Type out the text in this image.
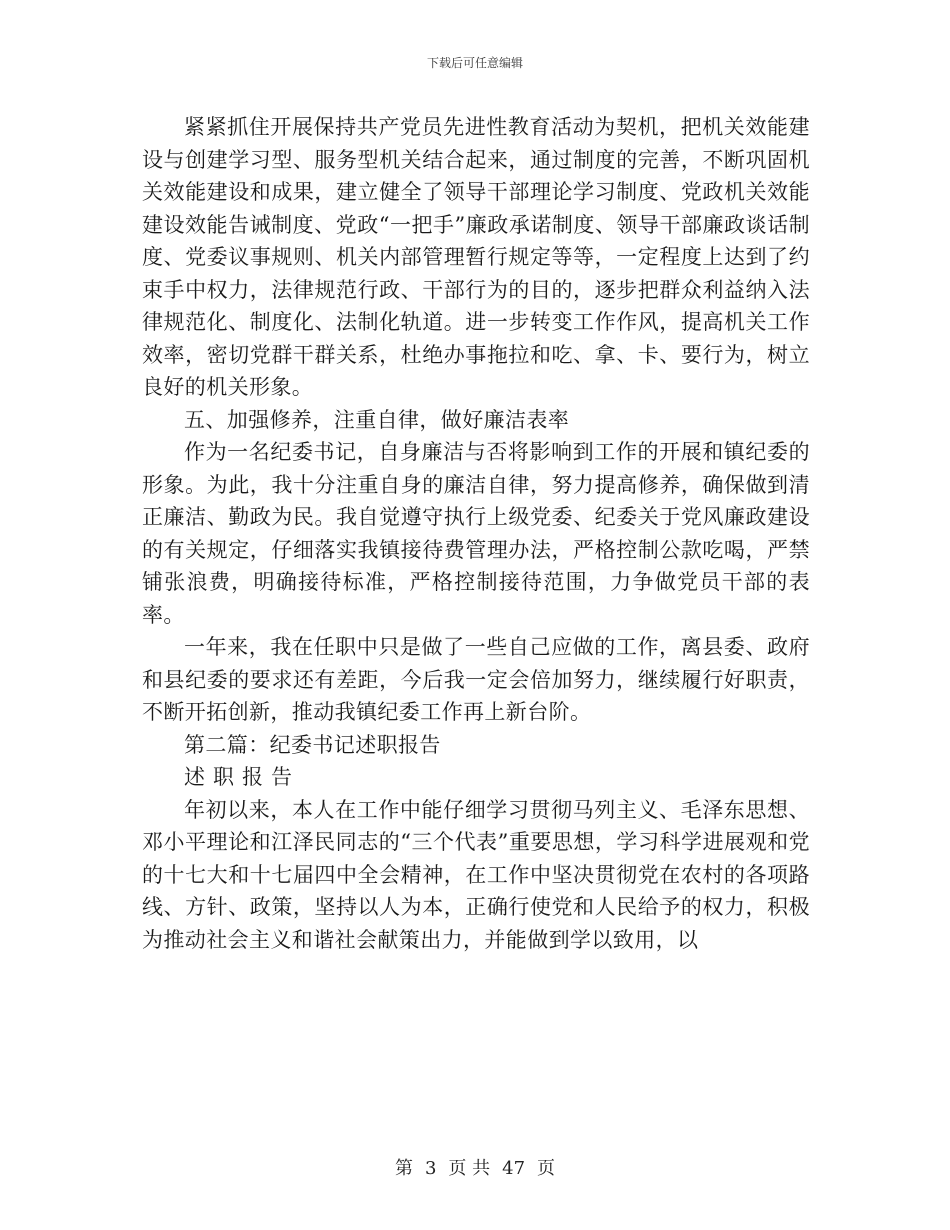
下载后可任意编辑

紧紧抓住开展保持共产党员先进性教育活动为契机，把机关效能建设与创建学习型、服务型机关结合起来，通过制度的完善，不断巩固机关效能建设和成果，建立健全了领导干部理论学习制度、党政机关效能建设效能告诫制度、党政“一把手”廉政承诺制度、领导干部廉政谈话制度、党委议事规则、机关内部管理暂行规定等等，一定程度上达到了约束手中权力，法律规范行政、干部行为的目的，逐步把群众利益纳入法律规范化、制度化、法制化轨道。进一步转变工作作风，提高机关工作效率，密切党群干群关系，杜绝办事拖拉和吃、拿、卡、要行为，树立良好的机关形象。

五、加强修养，注重自律，做好廉洁表率

作为一名纪委书记，自身廉洁与否将影响到工作的开展和镇纪委的形象。为此，我十分注重自身的廉洁自律，努力提高修养，确保做到清正廉洁、勤政为民。我自觉遵守执行上级党委、纪委关于党风廉政建设的有关规定，仔细落实我镇接待费管理办法，严格控制公款吃喝，严禁铺张浪费，明确接待标准，严格控制接待范围，力争做党员干部的表率。

一年来，我在任职中只是做了一些自己应做的工作，离县委、政府和县纪委的要求还有差距，今后我一定会倍加努力，继续履行好职责，不断开拓创新，推动我镇纪委工作再上新台阶。

第二篇：纪委书记述职报告

述职报告

年初以来，本人在工作中能仔细学习贯彻马列主义、毛泽东思想、邓小平理论和江泽民同志的“三个代表”重要思想，学习科学进展观和党的十七大和十七届四中全会精神，在工作中坚决贯彻党在农村的各项路线、方针、政策，坚持以人为本，正确行使党和人民给予的权力，积极为推动社会主义和谐社会献策出力，并能做到学以致用，以

第 3 页 共 47 页
